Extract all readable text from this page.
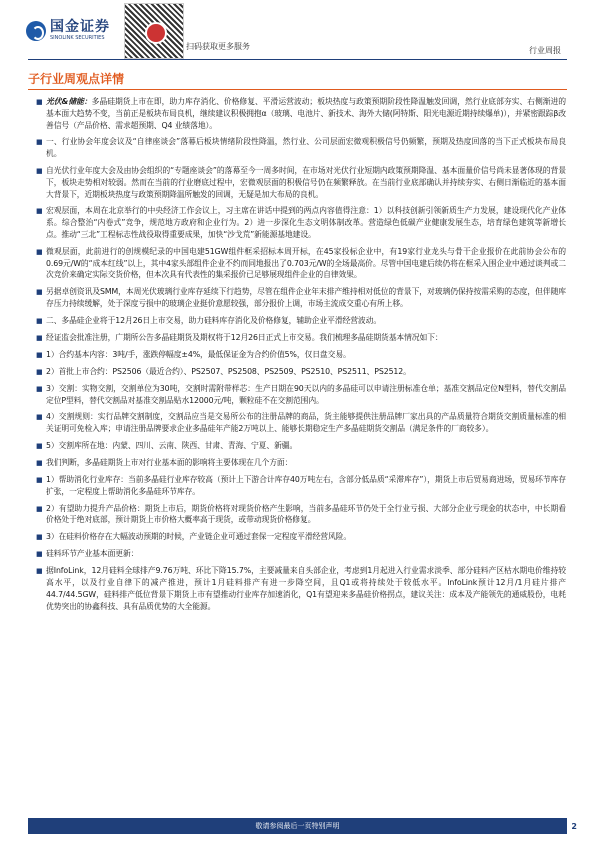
国金证券
SINOLINK SECURITIES
扫码获取更多服务	行业周报
子行业周观点详情
■ 光伏&储能：多晶硅期货上市在即，助力库存消化、价格修复、平滑运营波动；板块热度与政策预期阶段性降温触发回调，然行业底部夯实、右侧渐进的基本面大趋势不变，当前正是板块布局良机，继续建议积极拥抱α（玻璃、电池片、新技术、海外大储(阿特斯、阳光电源近期持续爆单)），并紧密跟踪β改善信号（产品价格、需求超预期、Q4 业绩落地）。
■ 一、行业协会年度会议及“自律座谈会”落幕后板块情绪阶段性降温，然行业、公司层面宏微观积极信号仍频繁，预期及热度回落的当下正式板块布局良机。
■ 自光伏行业年度大会及由协会组织的“专题座谈会”的落幕至今一周多时间，在市场对光伏行业短期内政策预期降温、基本面量价信号尚未显著体现的背景下，板块走势相对较弱。然而在当前的行业磨底过程中，宏微观层面的积极信号仍在频繁释放。在当前行业底部确认并持续夯实、右侧日渐临近的基本面大背景下，近期板块热度与政策预期降温所触发的回调，无疑是加大布局的良机。
■ 宏观层面，本周在北京举行的中央经济工作会议上，习主席在讲话中提到的两点内容值得注意：1）以科技创新引领新质生产力发展，建设现代化产业体系。综合整治“内卷式”竞争，规范地方政府和企业行为。2）进一步深化生态文明体制改革。营造绿色低碳产业健康发展生态，培育绿色建筑等新增长点。推动“三北”工程标志性战役取得重要成果，加快“沙戈荒”新能源基地建设。
■ 微观层面，此前进行的创规模纪录的中国电建51GW组件框采招标本周开标，在45家投标企业中，有19家行业龙头与骨干企业报价在此前协会公布的0.69元/W的“成本红线”以上，其中4家头部组件企业不约而同地报出了0.703元/W的全场最高价。尽管中国电建后续仍将在框采入围企业中通过谈判或二次竞价来确定实际交货价格，但本次具有代表性的集采报价已足够展现组件企业的自律效果。
■ 另据卓创资讯及SMM，本周光伏玻璃行业库存延续下行趋势，尽管在组件企业年末排产维持相对低位的背景下，对玻璃仍保持按需采购的态度，但伴随库存压力持续缓解，处于深度亏损中的玻璃企业挺价意愿较强，部分报价上调，市场主流成交重心有所上移。
■ 二、多晶硅企业将于12月26日上市交易，助力硅料库存消化及价格修复，辅助企业平滑经营波动。
■ 经证监会批准注册，广期所公告多晶硅期货及期权将于12月26日正式上市交易。我们梳理多晶硅期货基本情况如下：
■ 1）合约基本内容：3吨/手，涨跌停幅度±4%，最低保证金为合约价值5%，仅日盘交易。
■ 2）首批上市合约：PS2506（最近合约）、PS2507、PS2508、PS2509、PS2510、PS2511、PS2512。
■ 3）交割：实物交割，交割单位为30吨，交割时需附带样芯：生产日期在90天以内的多晶硅可以申请注册标准仓单；基准交割品定位N型料，替代交割品定位P型料，替代交割品对基准交割品贴水12000元/吨，颗粒硅不在交割范围内。
■ 4）交割规则：实行品牌交割制度，交割品应当是交易所公布的注册品牌的商品，货主能够提供注册品牌厂家出具的产品质量符合期货交割质量标准的相关证明可免检入库；申请注册品牌要求企业多晶硅年产能2万吨以上、能够长期稳定生产多晶硅期货交割品（满足条件的厂商较多）。
■ 5）交割库所在地：内蒙、四川、云南、陕西、甘肃、青海、宁夏、新疆。
■ 我们判断，多晶硅期货上市对行业基本面的影响将主要体现在几个方面：
■ 1）帮助消化行业库存：当前多晶硅行业库存较高（预计上下游合计库存40万吨左右，含部分低品质“采滞库存”），期货上市后贸易商进场，贸易环节库存扩张，一定程度上帮助消化多晶硅环节库存。
■ 2）有望助力提升产品价格：期货上市后，期货价格将对现货价格产生影响，当前多晶硅环节仍处于全行业亏损、大部分企业亏现金的状态中，中长期看价格处于绝对底部，预计期货上市价格大概率高于现货，或带动现货价格修复。
■ 3）在硅料价格存在大幅波动预期的时候，产业链企业可通过套保一定程度平滑经营风险。
■ 硅料环节产业基本面更新：
■ 据InfoLink，12月硅料全球排产9.76万吨、环比下降15.7%，主要减量来自头部企业，考虑到1月起进入行业需求淡季、部分硅料产区枯水期电价维持较高水平，以及行业自律下的减产推进，预计1月硅料排产有进一步降空间，且Q1或将持续处于较低水平。InfoLink预计12月/1月硅片排产44.7/44.5GW，硅料排产低位背景下期货上市有望推动行业库存加速消化，Q1有望迎来多晶硅价格拐点，建议关注：成本及产能领先的通威股份，电耗优势突出的协鑫科技、具有品质优势的大全能源。
敬请参阅最后一页特别声明	2
